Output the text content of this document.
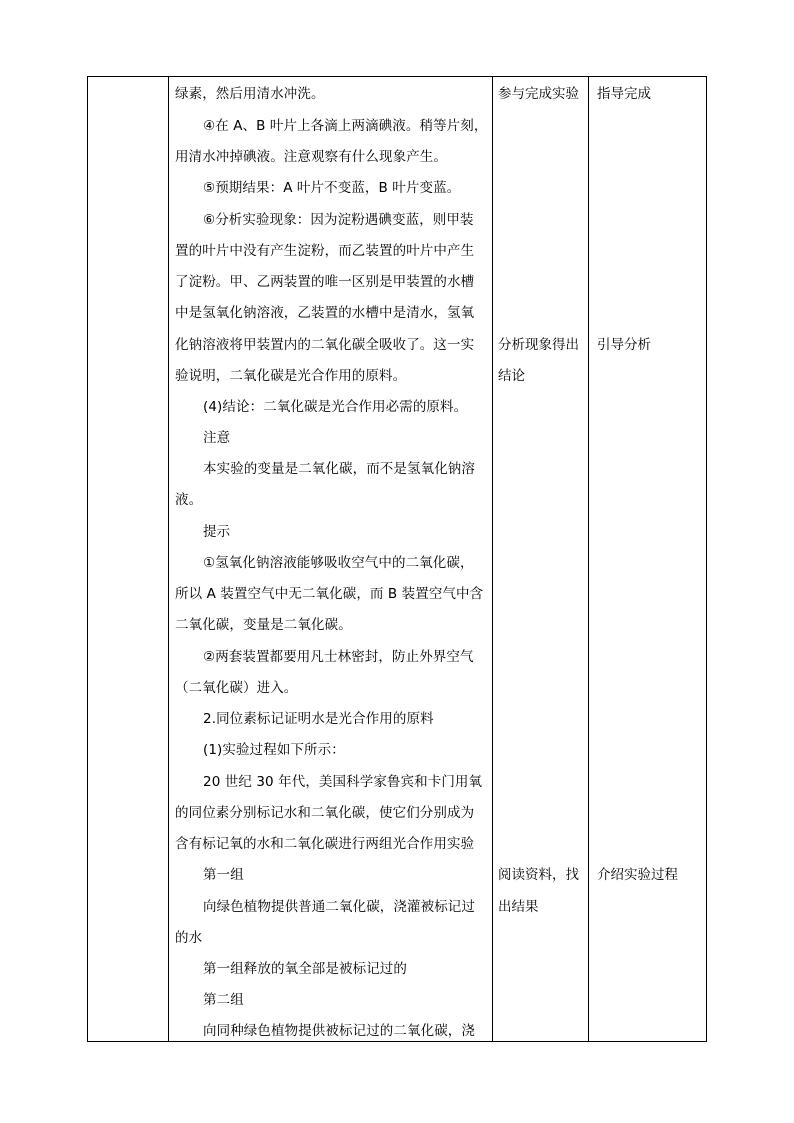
绿素，然后用清水冲洗。
④在 A、B 叶片上各滴上两滴碘液。稍等片刻，
用清水冲掉碘液。注意观察有什么现象产生。
⑤预期结果：A 叶片不变蓝，B 叶片变蓝。
⑥分析实验现象：因为淀粉遇碘变蓝，则甲装
置的叶片中没有产生淀粉，而乙装置的叶片中产生
了淀粉。甲、乙两装置的唯一区别是甲装置的水槽
中是氢氧化钠溶液，乙装置的水槽中是清水，氢氧
化钠溶液将甲装置内的二氧化碳全吸收了。这一实
验说明，二氧化碳是光合作用的原料。
(4)结论：二氧化碳是光合作用必需的原料。
注意
本实验的变量是二氧化碳，而不是氢氧化钠溶
液。
提示
①氢氧化钠溶液能够吸收空气中的二氧化碳，
所以 A 装置空气中无二氧化碳，而 B 装置空气中含
二氧化碳，变量是二氧化碳。
②两套装置都要用凡士林密封，防止外界空气
（二氧化碳）进入。
2.同位素标记证明水是光合作用的原料
(1)实验过程如下所示：
20 世纪 30 年代，美国科学家鲁宾和卡门用氧
的同位素分别标记水和二氧化碳，使它们分别成为
含有标记氧的水和二氧化碳进行两组光合作用实验
第一组
向绿色植物提供普通二氧化碳，浇灌被标记过
的水
第一组释放的氧全部是被标记过的
第二组
向同种绿色植物提供被标记过的二氧化碳，浇
参与完成实验
分析现象得出
结论
阅读资料，找
出结果
指导完成
引导分析
介绍实验过程
